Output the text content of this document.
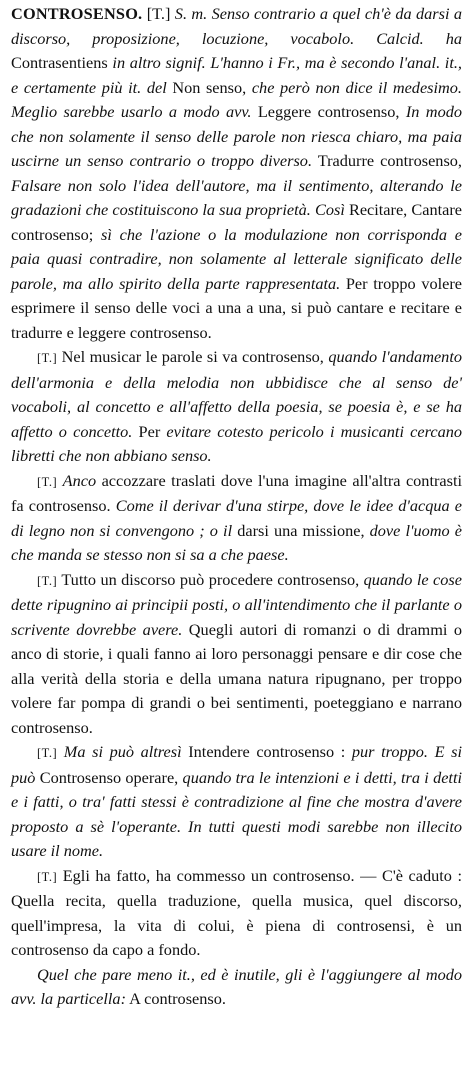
CONTROSENSO. [T.] S. m. Senso contrario a quel ch'è da darsi a discorso, proposizione, locuzione, vocabolo. Calcid. ha Contrasentiens in altro signif. L'hanno i Fr., ma è secondo l'anal. it., e certamente più it. del Non senso, che però non dice il medesimo. Meglio sarebbe usarlo a modo avv. Leggere controsenso, In modo che non solamente il senso delle parole non riesca chiaro, ma paia uscirne un senso contrario o troppo diverso. Tradurre controsenso, Falsare non solo l'idea dell'autore, ma il sentimento, alterando le gradazioni che costituiscono la sua proprietà. Così Recitare, Cantare controsenso; sì che l'azione o la modulazione non corrisponda e paia quasi contradire, non solamente al letterale significato delle parole, ma allo spirito della parte rappresentata. Per troppo volere esprimere il senso delle voci a una a una, si può cantare e recitare e tradurre e leggere controsenso.

[T.] Nel musicar le parole si va controsenso, quando l'andamento dell'armonia e della melodia non ubbidisce che al senso de' vocaboli, al concetto e all'affetto della poesia, se poesia è, e se ha affetto o concetto. Per evitare cotesto pericolo i musicanti cercano libretti che non abbiano senso.

[T.] Anco accozzare traslati dove l'una imagine all'altra contrasti fa controsenso. Come il derivar d'una stirpe, dove le idee d'acqua e di legno non si convengono ; o il darsi una missione, dove l'uomo è che manda se stesso non si sa a che paese.

[T.] Tutto un discorso può procedere controsenso, quando le cose dette ripugnino ai principii posti, o all'intendimento che il parlante o scrivente dovrebbe avere. Quegli autori di romanzi o di drammi o anco di storie, i quali fanno ai loro personaggi pensare e dir cose che alla verità della storia e della umana natura ripugnano, per troppo volere far pompa di grandi o bei sentimenti, poeteggiano e narrano controsenso.

[T.] Ma si può altresì Intendere controsenso : pur troppo. E si può Controsenso operare, quando tra le intenzioni e i detti, tra i detti e i fatti, o tra' fatti stessi è contradizione al fine che mostra d'avere proposto a sè l'operante. In tutti questi modi sarebbe non illecito usare il nome.

[T.] Egli ha fatto, ha commesso un controsenso. — C'è caduto : Quella recita, quella traduzione, quella musica, quel discorso, quell'impresa, la vita di colui, è piena di controsensi, è un controsenso da capo a fondo.

Quel che pare meno it., ed è inutile, gli è l'aggiungere al modo avv. la particella: A controsenso.
